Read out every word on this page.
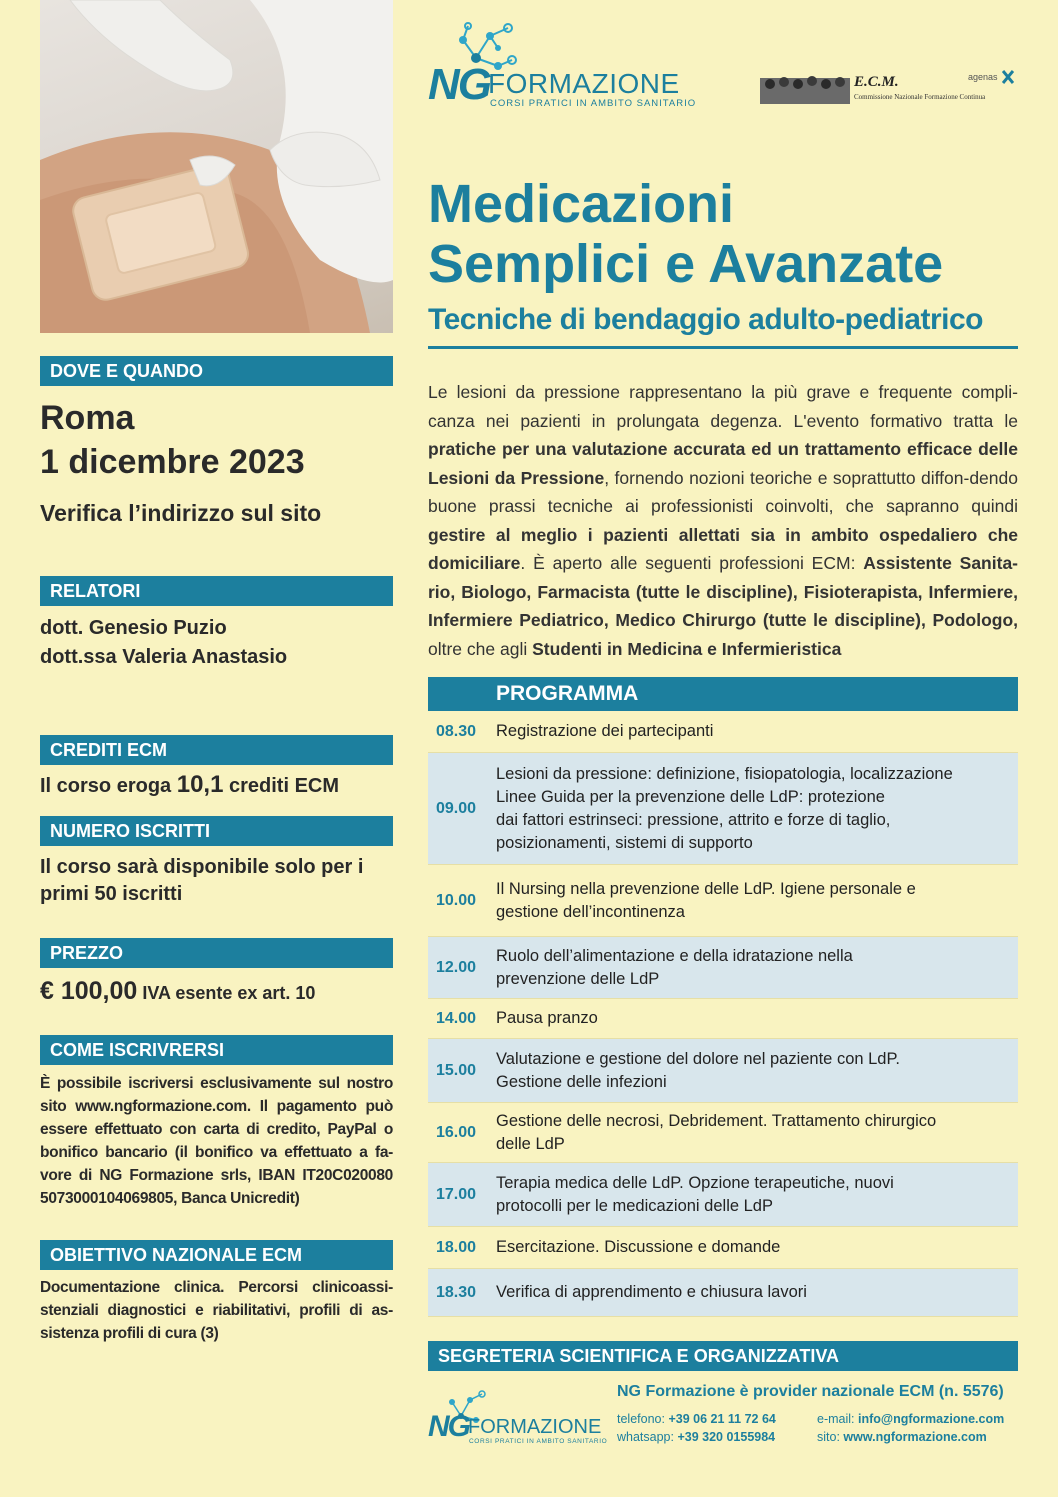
NG
FORMAZIONE
CORSI PRATICI IN AMBITO SANITARIO
E.C.M.
Commissione Nazionale Formazione Continua
agenas
Medicazioni
Semplici e Avanzate
Tecniche di bendaggio adulto-pediatrico
Le lesioni da pressione rappresentano la più grave e frequente compli-canza nei pazienti in prolungata degenza. L'evento formativo tratta le pratiche per una valutazione accurata ed un trattamento efficace delle Lesioni da Pressione, fornendo nozioni teoriche e soprattutto diffon-dendo buone prassi tecniche ai professionisti coinvolti, che sapranno quindi gestire al meglio i pazienti allettati sia in ambito ospedaliero che domiciliare. È aperto alle seguenti professioni ECM: Assistente Sanita-rio, Biologo, Farmacista (tutte le discipline), Fisioterapista, Infermiere, Infermiere Pediatrico, Medico Chirurgo (tutte le discipline), Podologo, oltre che agli Studenti in Medicina e Infermieristica
DOVE E QUANDO
Roma
1 dicembre 2023
Verifica l’indirizzo sul sito
RELATORI
dott. Genesio Puzio
dott.ssa Valeria Anastasio
CREDITI ECM
Il corso eroga 10,1 crediti ECM
NUMERO ISCRITTI
Il corso sarà disponibile solo per i primi 50 iscritti
PREZZO
€ 100,00 IVA esente ex art. 10
COME ISCRIVRERSI
È possibile iscriversi esclusivamente sul nostro sito www.ngformazione.com. Il pagamento può essere effettuato con carta di credito, PayPal o bonifico bancario (il bonifico va effettuato a fa-vore di NG Formazione srls, IBAN IT20C020080 5073000104069805, Banca Unicredit)
OBIETTIVO NAZIONALE ECM
Documentazione clinica. Percorsi clinicoassi-stenziali diagnostici e riabilitativi, profili di as-sistenza profili di cura (3)
PROGRAMMA
08.30	Registrazione dei partecipanti
09.00
Lesioni da pressione: definizione, fisiopatologia, localizzazione
Linee Guida per la prevenzione delle LdP: protezione
dai fattori estrinseci: pressione, attrito e forze di taglio,
posizionamenti, sistemi di supporto
10.00
Il Nursing nella prevenzione delle LdP. Igiene personale e
gestione dell’incontinenza
12.00
Ruolo dell’alimentazione e della idratazione nella
prevenzione delle LdP
14.00	Pausa pranzo
15.00
Valutazione e gestione del dolore nel paziente con LdP.
Gestione delle infezioni
16.00
Gestione delle necrosi, Debridement. Trattamento chirurgico
delle LdP
17.00
Terapia medica delle LdP. Opzione terapeutiche, nuovi
protocolli per le medicazioni delle LdP
18.00	Esercitazione. Discussione e domande
18.30	Verifica di apprendimento e chiusura lavori
SEGRETERIA SCIENTIFICA E ORGANIZZATIVA
NG FORMAZIONE
CORSI PRATICI IN AMBITO SANITARIO
NG Formazione è provider nazionale ECM (n. 5576)
telefono: +39 06 21 11 72 64
whatsapp: +39 320 0155984
e-mail: info@ngformazione.com
sito: www.ngformazione.com
